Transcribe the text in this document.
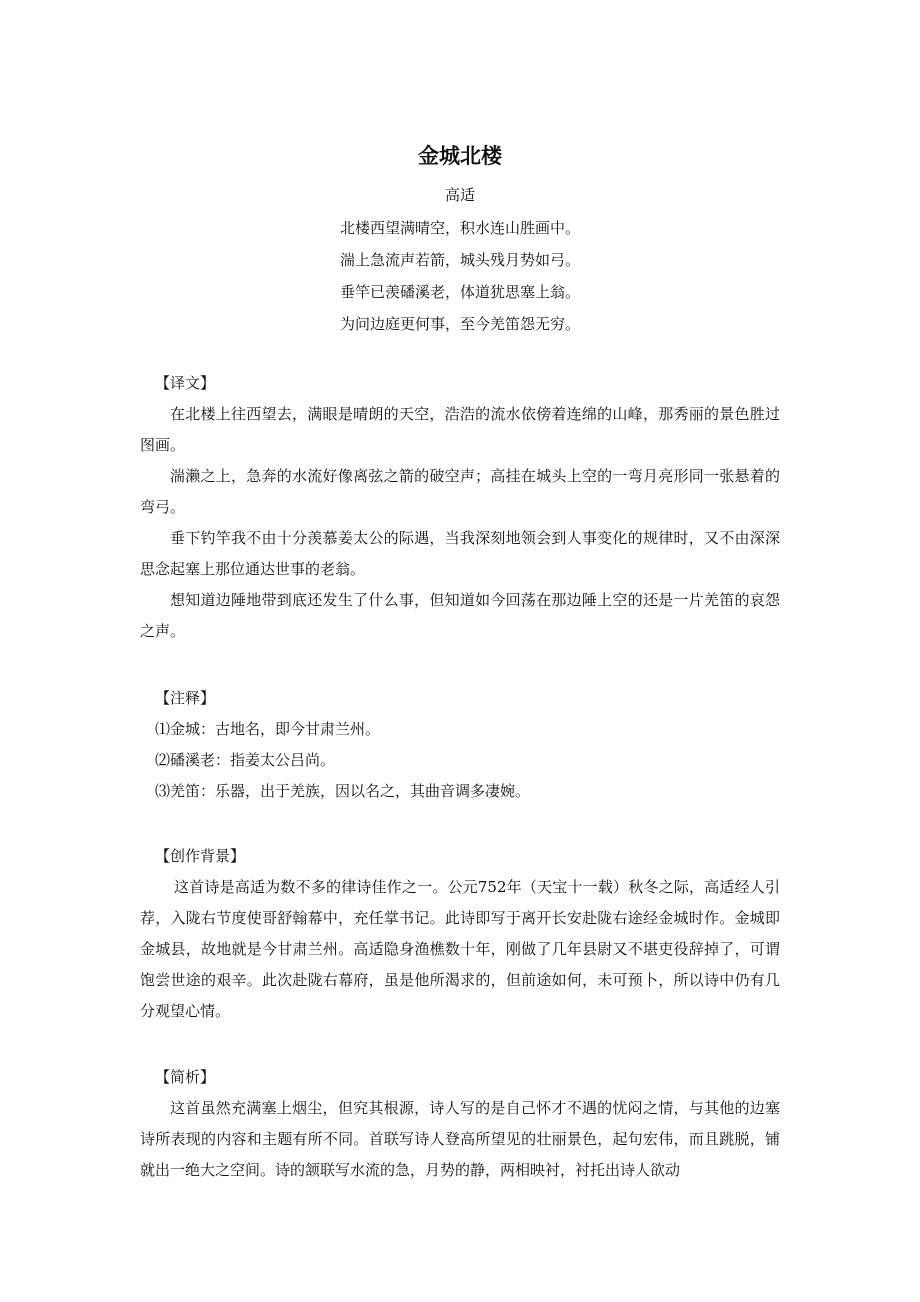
金城北楼
高适
北楼西望满晴空，积水连山胜画中。
湍上急流声若箭，城头残月势如弓。
垂竿已羡磻溪老，体道犹思塞上翁。
为问边庭更何事，至今羌笛怨无穷。
【译文】
在北楼上往西望去，满眼是晴朗的天空，浩浩的流水依傍着连绵的山峰，那秀丽的景色胜过图画。
湍濑之上，急奔的水流好像离弦之箭的破空声；高挂在城头上空的一弯月亮形同一张悬着的弯弓。
垂下钓竿我不由十分羡慕姜太公的际遇，当我深刻地领会到人事变化的规律时，又不由深深思念起塞上那位通达世事的老翁。
想知道边陲地带到底还发生了什么事，但知道如今回荡在那边陲上空的还是一片羌笛的哀怨之声。
【注释】
⑴金城：古地名，即今甘肃兰州。
⑵磻溪老：指姜太公吕尚。
⑶羌笛：乐器，出于羌族，因以名之，其曲音调多凄婉。
【创作背景】
这首诗是高适为数不多的律诗佳作之一。公元752年（天宝十一载）秋冬之际，高适经人引荐，入陇右节度使哥舒翰幕中，充任掌书记。此诗即写于离开长安赴陇右途经金城时作。金城即金城县，故地就是今甘肃兰州。高适隐身渔樵数十年，刚做了几年县尉又不堪吏役辞掉了，可谓饱尝世途的艰辛。此次赴陇右幕府，虽是他所渴求的，但前途如何，未可预卜，所以诗中仍有几分观望心情。
【简析】
这首虽然充满塞上烟尘，但究其根源，诗人写的是自己怀才不遇的忧闷之情，与其他的边塞诗所表现的内容和主题有所不同。首联写诗人登高所望见的壮丽景色，起句宏伟，而且跳脱，铺就出一绝大之空间。诗的颔联写水流的急，月势的静，两相映衬，衬托出诗人欲动
